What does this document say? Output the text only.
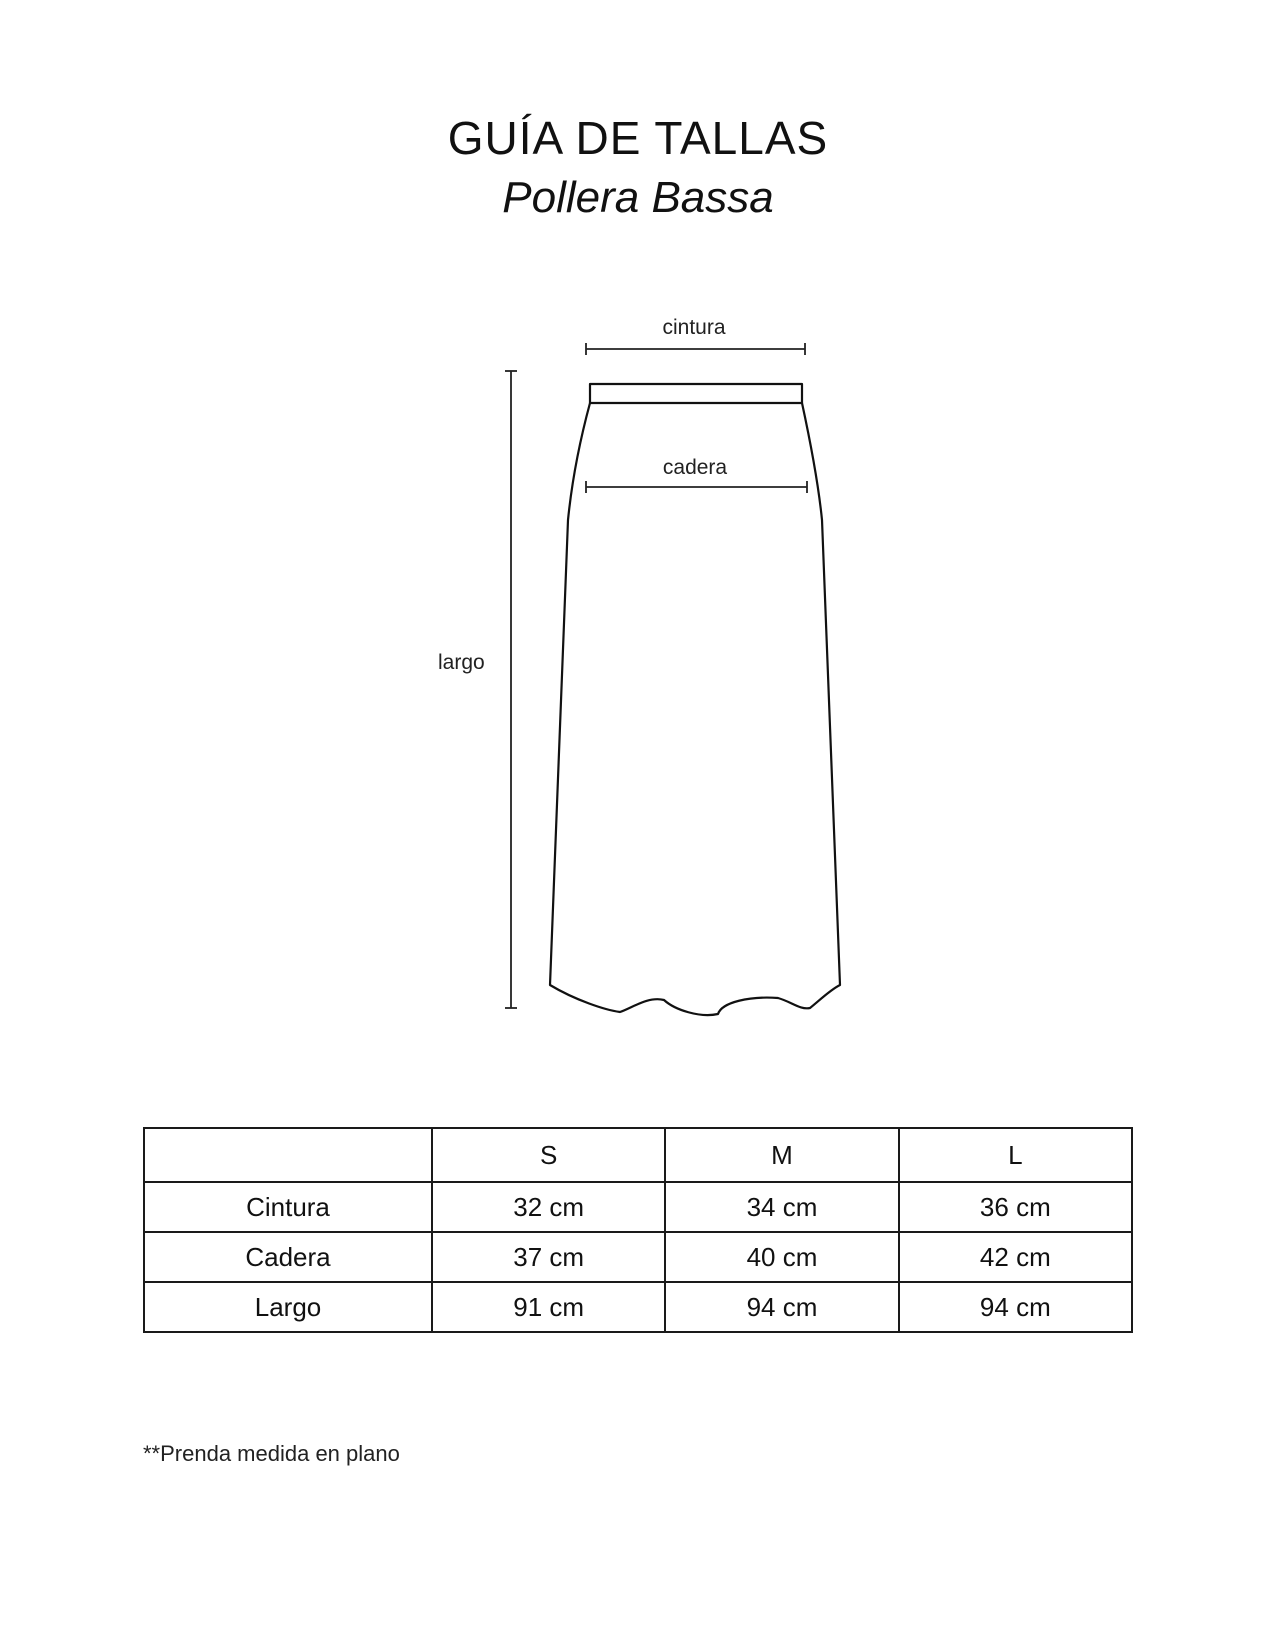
GUÍA DE TALLAS

Pollera Bassa

cintura
cadera
largo
	S	M	L
Cintura	32 cm	34 cm	36 cm
Cadera	37 cm	40 cm	42 cm
Largo	91 cm	94 cm	94 cm

**Prenda medida en plano
